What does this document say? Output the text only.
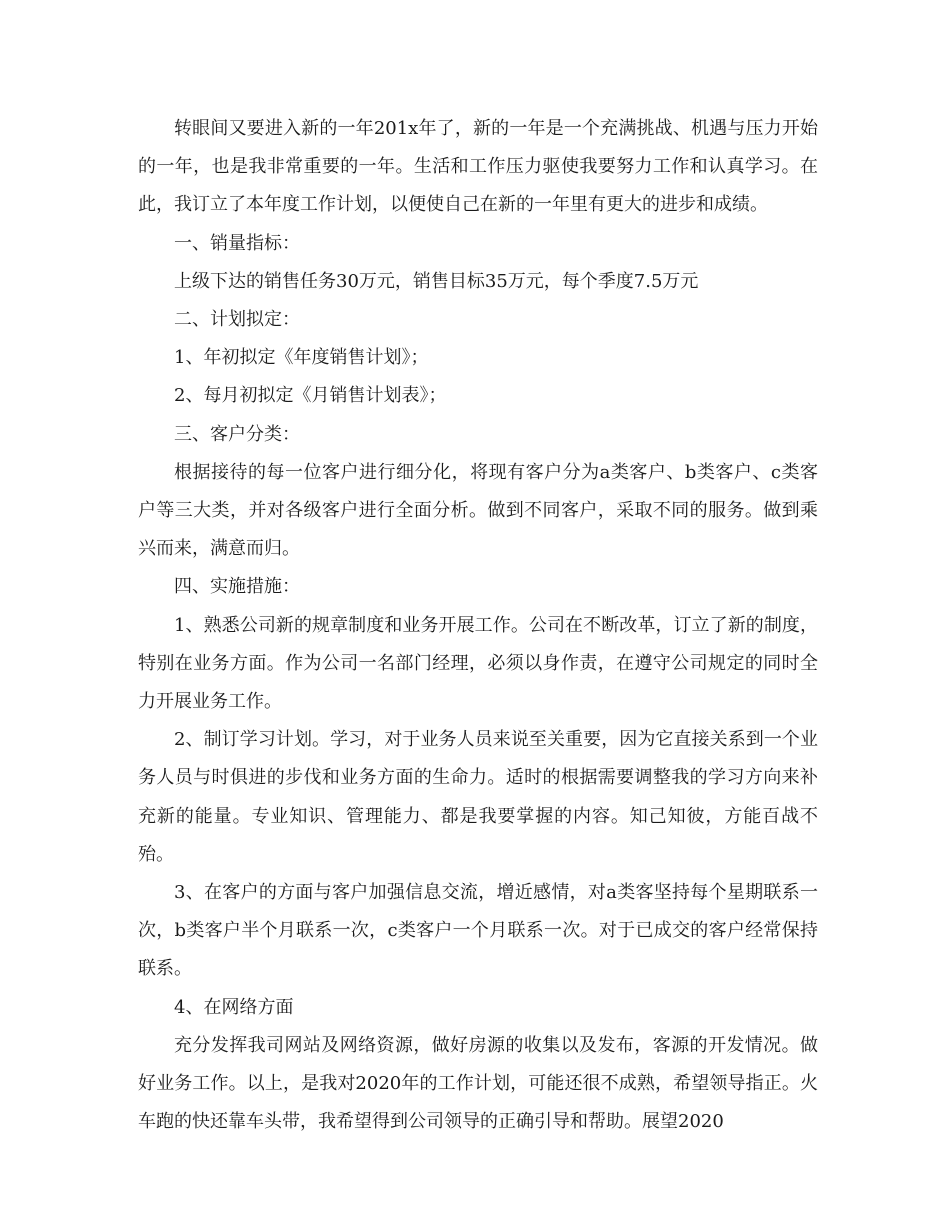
转眼间又要进入新的一年201x年了，新的一年是一个充满挑战、机遇与压力开始的一年，也是我非常重要的一年。生活和工作压力驱使我要努力工作和认真学习。在此，我订立了本年度工作计划，以便使自己在新的一年里有更大的进步和成绩。

一、销量指标：

上级下达的销售任务30万元，销售目标35万元，每个季度7.5万元

二、计划拟定：

1、年初拟定《年度销售计划》；

2、每月初拟定《月销售计划表》；

三、客户分类：

根据接待的每一位客户进行细分化，将现有客户分为a类客户、b类客户、c类客户等三大类，并对各级客户进行全面分析。做到不同客户，采取不同的服务。做到乘兴而来，满意而归。

四、实施措施：

1、熟悉公司新的规章制度和业务开展工作。公司在不断改革，订立了新的制度，特别在业务方面。作为公司一名部门经理，必须以身作责，在遵守公司规定的同时全力开展业务工作。

2、制订学习计划。学习，对于业务人员来说至关重要，因为它直接关系到一个业务人员与时俱进的步伐和业务方面的生命力。适时的根据需要调整我的学习方向来补充新的能量。专业知识、管理能力、都是我要掌握的内容。知己知彼，方能百战不殆。

3、在客户的方面与客户加强信息交流，增近感情，对a类客坚持每个星期联系一次，b类客户半个月联系一次，c类客户一个月联系一次。对于已成交的客户经常保持联系。

4、在网络方面

充分发挥我司网站及网络资源，做好房源的收集以及发布，客源的开发情况。做好业务工作。以上，是我对2020年的工作计划，可能还很不成熟，希望领导指正。火车跑的快还靠车头带，我希望得到公司领导的正确引导和帮助。展望2020
